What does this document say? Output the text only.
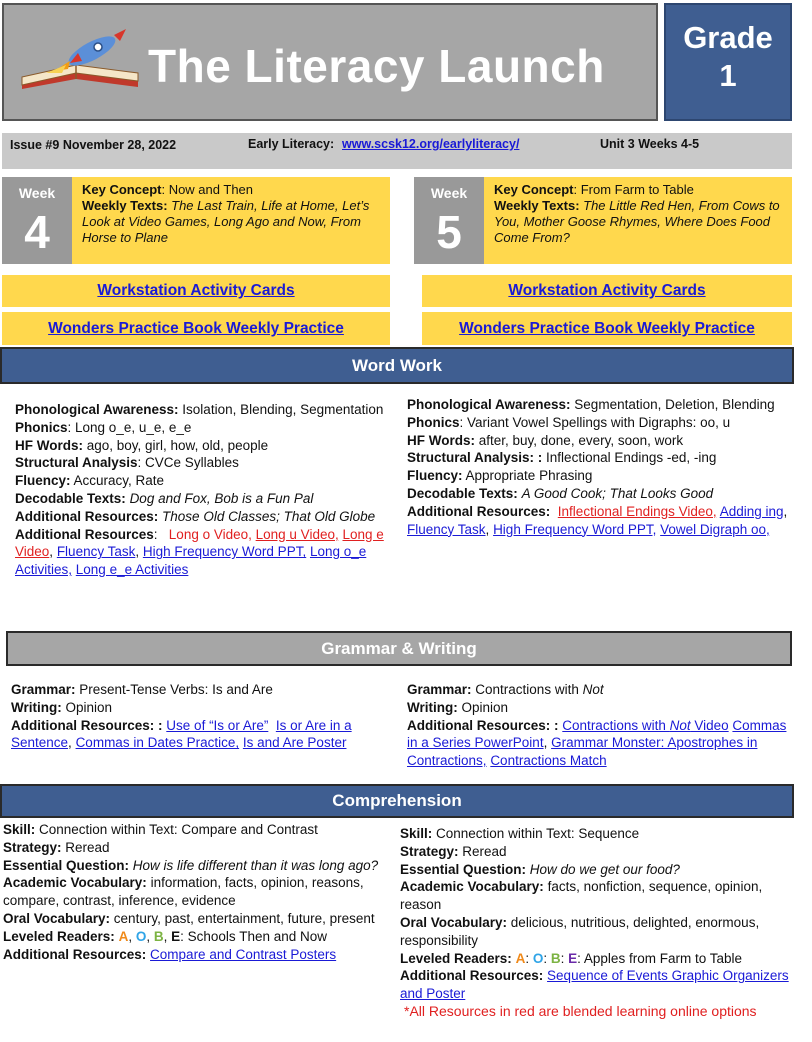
The Literacy Launch
Grade
1
Issue #9 November 28, 2022	Early Literacy: www.scsk12.org/earlyliteracy/	Unit 3 Weeks 4-5
Week
4
Key Concept: Now and Then
Weekly Texts: The Last Train, Life at Home, Let’s Look at Video Games, Long Ago and Now, From Horse to Plane
Week
5
Key Concept: From Farm to Table
Weekly Texts: The Little Red Hen, From Cows to You, Mother Goose Rhymes, Where Does Food Come From?
Workstation Activity Cards	Workstation Activity Cards
Wonders Practice Book Weekly Practice	Wonders Practice Book Weekly Practice
Word Work

Phonological Awareness: Isolation, Blending, Segmentation

Phonics: Long o_e, u_e, e_e

HF Words: ago, boy, girl, how, old, people

Structural Analysis: CVCe Syllables

Fluency: Accuracy, Rate

Decodable Texts: Dog and Fox, Bob is a Fun Pal

Additional Resources: Those Old Classes; That Old Globe

Additional Resources:   Long o Video, Long u Video, Long e Video, Fluency Task, High Frequency Word PPT, Long o_e Activities, Long e_e Activities

Phonological Awareness: Segmentation, Deletion, Blending

Phonics: Variant Vowel Spellings with Digraphs: oo, u

HF Words: after, buy, done, every, soon, work

Structural Analysis: : Inflectional Endings -ed, -ing

Fluency: Appropriate Phrasing

Decodable Texts: A Good Cook; That Looks Good

Additional Resources: Inflectional Endings Video, Adding ing, Fluency Task, High Frequency Word PPT, Vowel Digraph oo,

Grammar & Writing

Grammar: Present-Tense Verbs: Is and Are

Writing: Opinion

Additional Resources: : Use of “Is or Are” Is or Are in a Sentence, Commas in Dates Practice, Is and Are Poster

Grammar: Contractions with Not

Writing: Opinion

Additional Resources: : Contractions with Not Video Commas in a Series PowerPoint, Grammar Monster: Apostrophes in Contractions, Contractions Match

Comprehension

Skill: Connection within Text: Compare and Contrast

Strategy: Reread

Essential Question: How is life different than it was long ago?

Academic Vocabulary: information, facts, opinion, reasons, compare, contrast, inference, evidence

Oral Vocabulary: century, past, entertainment, future, present

Leveled Readers: A, O, B, E: Schools Then and Now

Additional Resources: Compare and Contrast Posters

Skill: Connection within Text: Sequence

Strategy: Reread

Essential Question: How do we get our food?

Academic Vocabulary: facts, nonfiction, sequence, opinion, reason

Oral Vocabulary: delicious, nutritious, delighted, enormous, responsibility

Leveled Readers: A: O: B: E: Apples from Farm to Table

Additional Resources: Sequence of Events Graphic Organizers and Poster

*All Resources in red are blended learning online options
